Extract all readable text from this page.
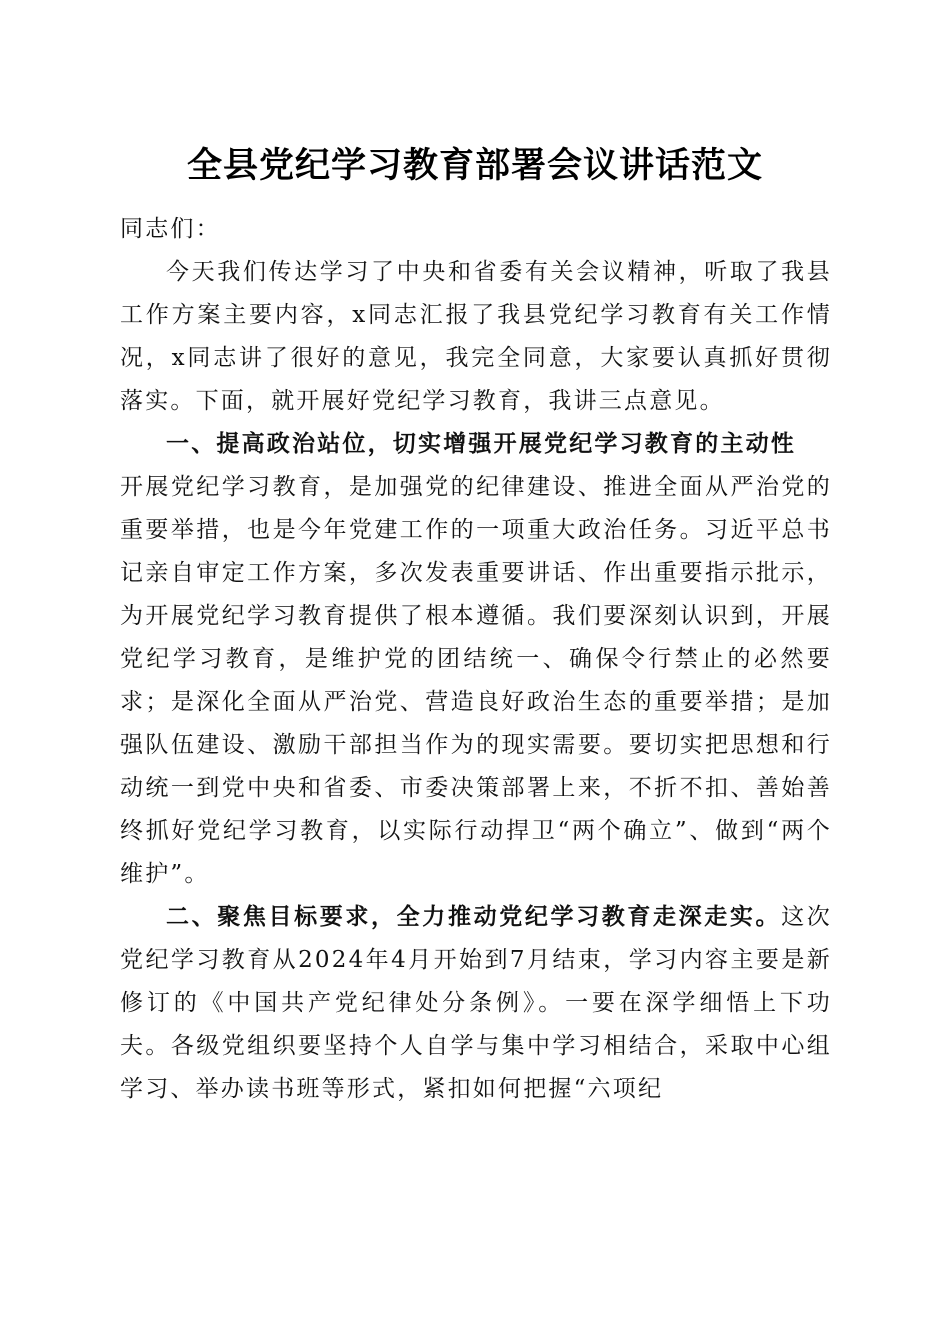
全县党纪学习教育部署会议讲话范文

同志们：

今天我们传达学习了中央和省委有关会议精神，听取了我县工作方案主要内容，x同志汇报了我县党纪学习教育有关工作情况，x同志讲了很好的意见，我完全同意，大家要认真抓好贯彻落实。下面，就开展好党纪学习教育，我讲三点意见。

一、提高政治站位，切实增强开展党纪学习教育的主动性

开展党纪学习教育，是加强党的纪律建设、推进全面从严治党的重要举措，也是今年党建工作的一项重大政治任务。习近平总书记亲自审定工作方案，多次发表重要讲话、作出重要指示批示，为开展党纪学习教育提供了根本遵循。我们要深刻认识到，开展党纪学习教育，是维护党的团结统一、确保令行禁止的必然要求；是深化全面从严治党、营造良好政治生态的重要举措；是加强队伍建设、激励干部担当作为的现实需要。要切实把思想和行动统一到党中央和省委、市委决策部署上来，不折不扣、善始善终抓好党纪学习教育，以实际行动捍卫“两个确立”、做到“两个维护”。

二、聚焦目标要求，全力推动党纪学习教育走深走实。这次党纪学习教育从2024年4月开始到7月结束，学习内容主要是新修订的《中国共产党纪律处分条例》。一要在深学细悟上下功夫。各级党组织要坚持个人自学与集中学习相结合，采取中心组学习、举办读书班等形式，紧扣如何把握“六项纪
